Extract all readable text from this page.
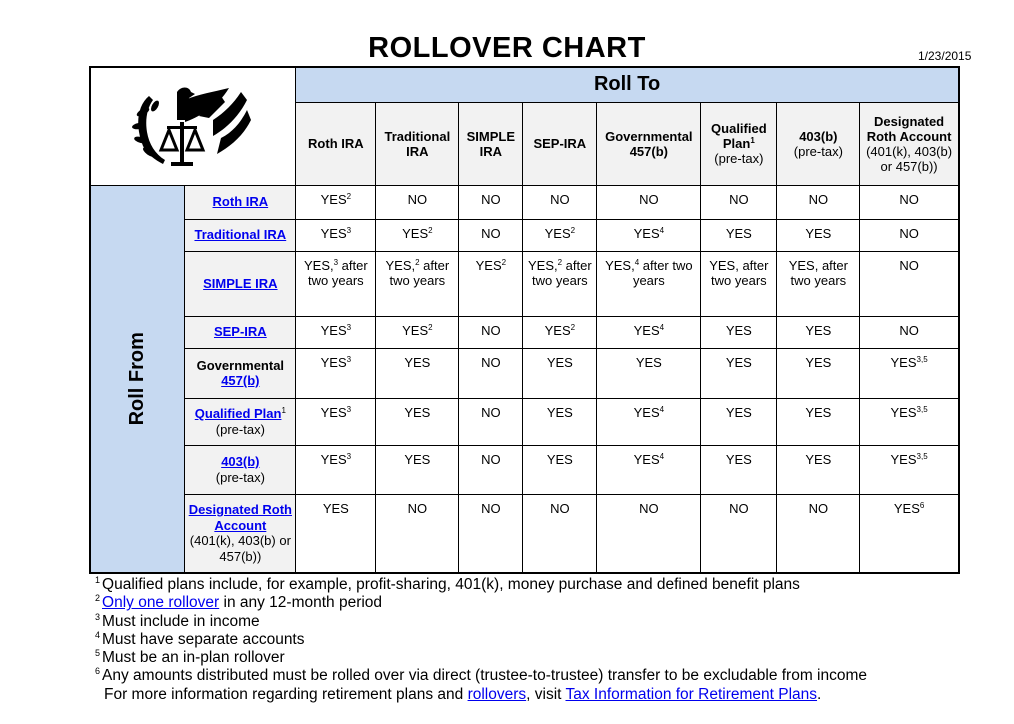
ROLLOVER CHART	1/23/2015
	Roll To							
		Roth IRA	Traditional IRA	SIMPLE IRA	SEP-IRA	Governmental 457(b)	Qualified Plan$^1$
(pre-tax)	403(b)
(pre-tax)	Designated Roth Account
(401(k), 403(b) or 457(b))
Roll From	Roth IRA	YES$^2$	NO	NO	NO	NO	NO	NO	NO
	Traditional IRA	YES$^3$	YES$^2$	NO	YES$^2$	YES$^4$	YES	YES	NO
	SIMPLE IRA	YES,$^3$ after two years	YES,$^2$ after two years	YES$^2$	YES,$^2$ after two years	YES,$^4$ after two years	YES, after two years	YES, after two years	NO
	SEP-IRA	YES$^3$	YES$^2$	NO	YES$^2$	YES$^4$	YES	YES	NO
	Governmental
457(b)	YES$^3$	YES	NO	YES	YES	YES	YES	YES$^{3,5}$
	Qualified Plan$^1$
(pre-tax)	YES$^3$	YES	NO	YES	YES$^4$	YES	YES	YES$^{3,5}$
	403(b)
(pre-tax)	YES$^3$	YES	NO	YES	YES$^4$	YES	YES	YES$^{3,5}$
	Designated Roth Account
(401(k), 403(b) or 457(b))	YES	NO	NO	NO	NO	NO	NO	YES$^6$
$^1$ Qualified plans include, for example, profit-sharing, 401(k), money purchase and defined benefit plans
$^2$ Only one rollover in any 12-month period
$^3$ Must include in income
$^4$ Must have separate accounts
$^5$ Must be an in-plan rollover
$^6$ Any amounts distributed must be rolled over via direct (trustee-to-trustee) transfer to be excludable from income
For more information regarding retirement plans and rollovers, visit Tax Information for Retirement Plans.
